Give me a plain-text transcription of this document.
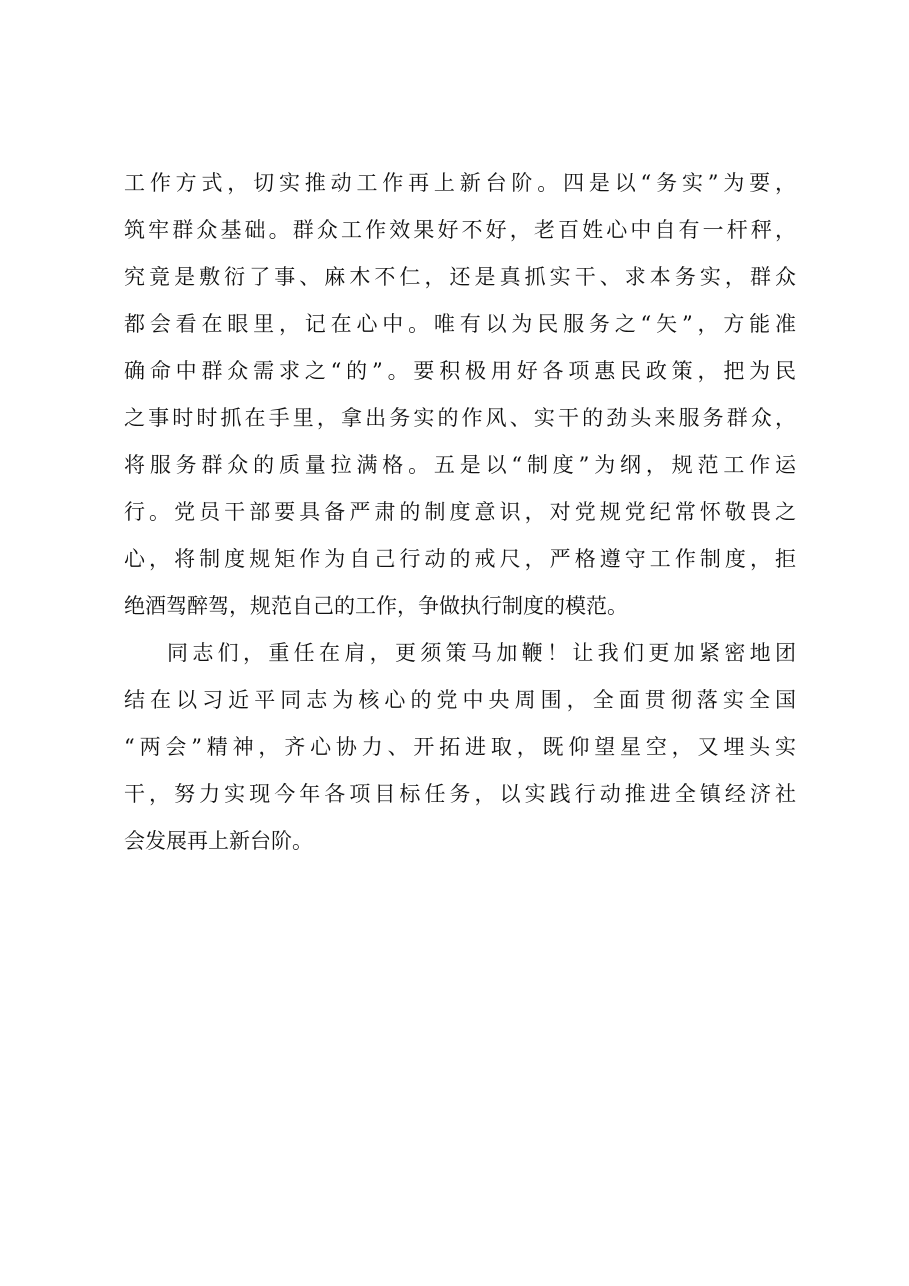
工作方式，切实推动工作再上新台阶。四是以“务实”为要，
筑牢群众基础。群众工作效果好不好，老百姓心中自有一杆秤，
究竟是敷衍了事、麻木不仁，还是真抓实干、求本务实，群众
都会看在眼里，记在心中。唯有以为民服务之“矢”，方能准
确命中群众需求之“的”。要积极用好各项惠民政策，把为民
之事时时抓在手里，拿出务实的作风、实干的劲头来服务群众，
将服务群众的质量拉满格。五是以“制度”为纲，规范工作运
行。党员干部要具备严肃的制度意识，对党规党纪常怀敬畏之
心，将制度规矩作为自己行动的戒尺，严格遵守工作制度，拒
绝酒驾醉驾，规范自己的工作，争做执行制度的模范。
同志们，重任在肩，更须策马加鞭！让我们更加紧密地团
结在以习近平同志为核心的党中央周围，全面贯彻落实全国
“两会”精神，齐心协力、开拓进取，既仰望星空，又埋头实
干，努力实现今年各项目标任务，以实践行动推进全镇经济社
会发展再上新台阶。
